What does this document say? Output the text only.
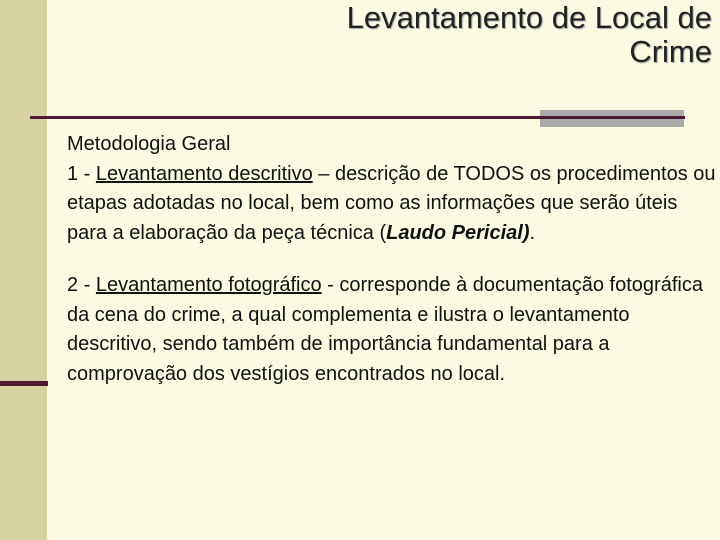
Levantamento de Local de
Crime

Metodologia Geral

1 - Levantamento descritivo – descrição de TODOS os procedimentos ou etapas adotadas no local, bem como as informações que serão úteis para a elaboração da peça técnica (Laudo Pericial).

2 - Levantamento fotográfico - corresponde à documentação fotográfica
da cena do crime, a qual complementa e ilustra o levantamento descritivo, sendo também de importância fundamental para a comprovação dos vestígios encontrados no local.
